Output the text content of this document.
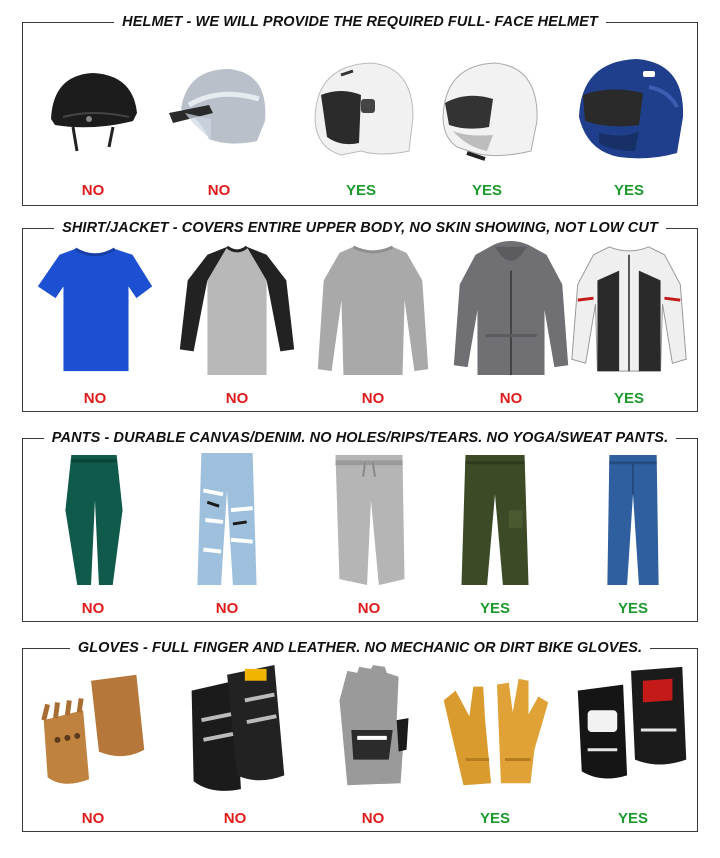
HELMET - WE WILL PROVIDE THE REQUIRED FULL- FACE HELMET
NO	NO	YES	YES	YES
SHIRT/JACKET - COVERS ENTIRE UPPER BODY, NO SKIN SHOWING, NOT LOW CUT
NO	NO	NO	NO	YES
PANTS - DURABLE CANVAS/DENIM. NO HOLES/RIPS/TEARS. NO YOGA/SWEAT PANTS.
NO	NO	NO	YES	YES
GLOVES - FULL FINGER AND LEATHER. NO MECHANIC OR DIRT BIKE GLOVES.
NO	NO	NO	YES	YES
